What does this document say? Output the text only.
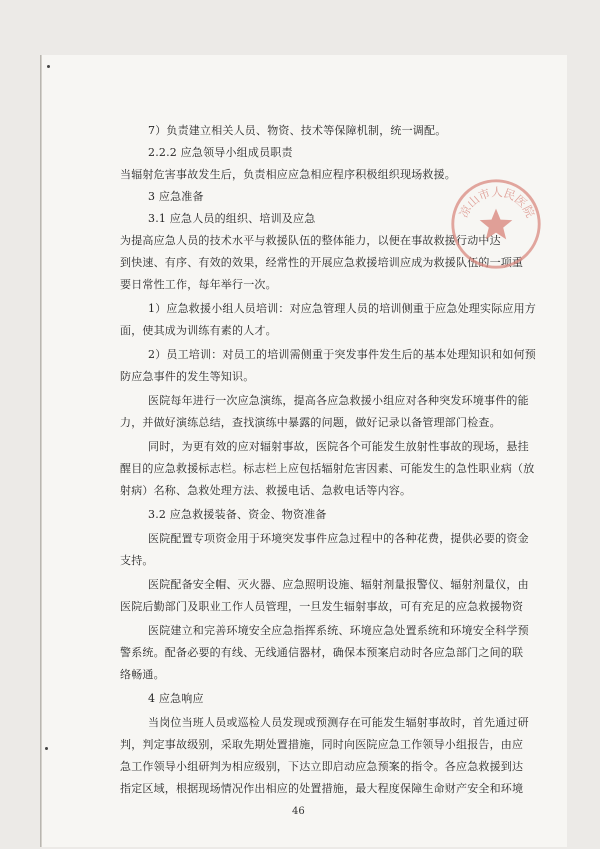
7）负责建立相关人员、物资、技术等保障机制，统一调配。
2.2.2 应急领导小组成员职责
当辐射危害事故发生后，负责相应应急相应程序积极组织现场救援。
3 应急准备
3.1 应急人员的组织、培训及应急
为提高应急人员的技术水平与救援队伍的整体能力，以便在事故救援行动中达
到快速、有序、有效的效果，经常性的开展应急救援培训应成为救援队伍的一项重
要日常性工作，每年举行一次。
1）应急救援小组人员培训：对应急管理人员的培训侧重于应急处理实际应用方
面，使其成为训练有素的人才。
2）员工培训：对员工的培训需侧重于突发事件发生后的基本处理知识和如何预
防应急事件的发生等知识。
医院每年进行一次应急演练，提高各应急救援小组应对各种突发环境事件的能
力，并做好演练总结，查找演练中暴露的问题，做好记录以备管理部门检查。
同时，为更有效的应对辐射事故，医院各个可能发生放射性事故的现场，悬挂
醒目的应急救援标志栏。标志栏上应包括辐射危害因素、可能发生的急性职业病（放
射病）名称、急救处理方法、救援电话、急救电话等内容。
3.2 应急救援装备、资金、物资准备
医院配置专项资金用于环境突发事件应急过程中的各种花费，提供必要的资金
支持。
医院配备安全帽、灭火器、应急照明设施、辐射剂量报警仪、辐射剂量仪，由
医院后勤部门及职业工作人员管理，一旦发生辐射事故，可有充足的应急救援物资
医院建立和完善环境安全应急指挥系统、环境应急处置系统和环境安全科学预
警系统。配备必要的有线、无线通信器材，确保本预案启动时各应急部门之间的联
络畅通。
4 应急响应
当岗位当班人员或巡检人员发现或预测存在可能发生辐射事故时，首先通过研
判，判定事故级别，采取先期处置措施，同时向医院应急工作领导小组报告，由应
急工作领导小组研判为相应级别，下达立即启动应急预案的指令。各应急救援到达
指定区域，根据现场情况作出相应的处置措施，最大程度保障生命财产安全和环境
凉山市人民医院
46
